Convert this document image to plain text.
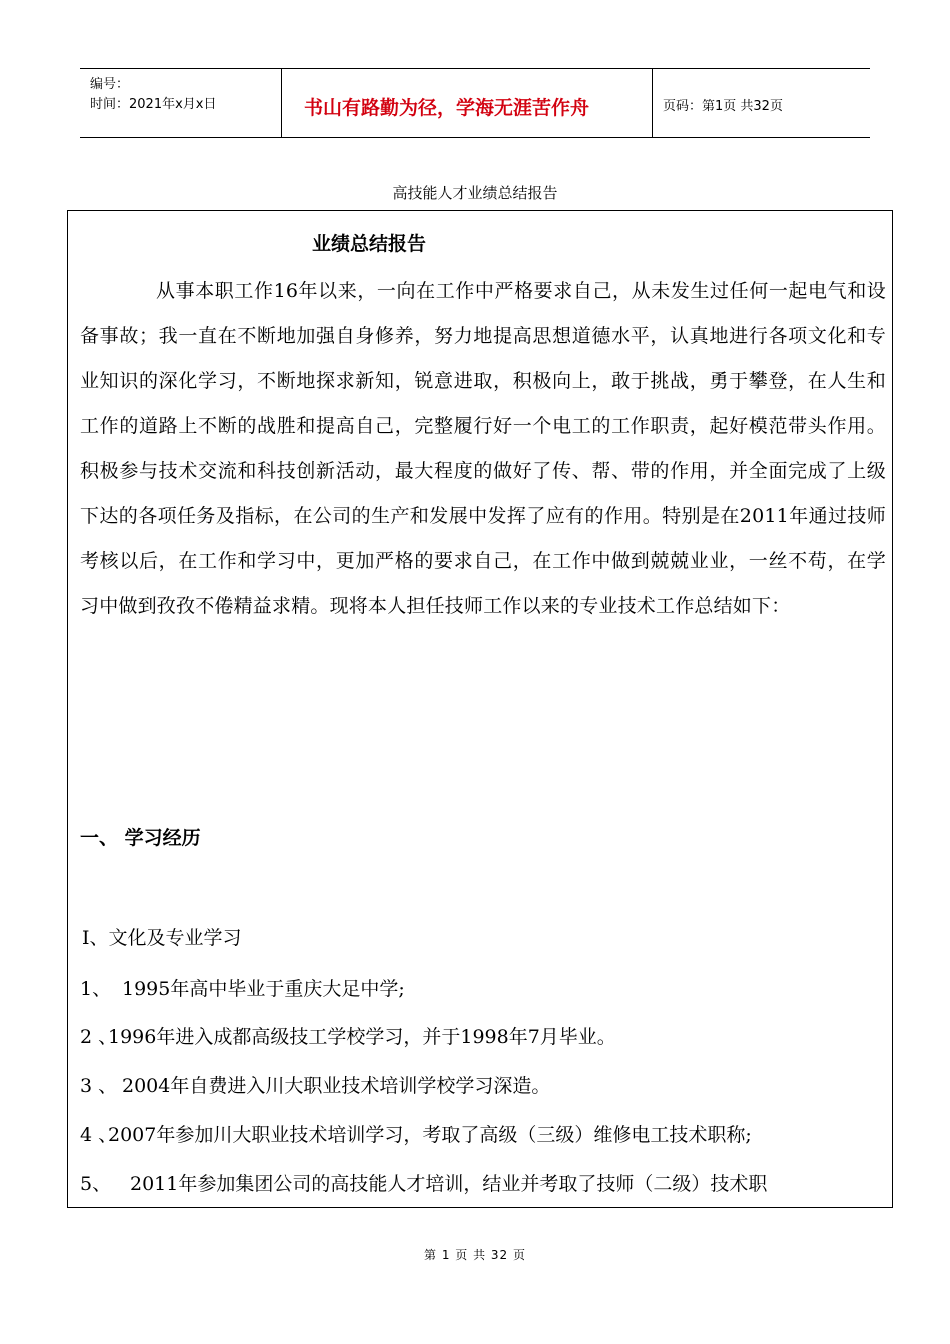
编号：
时间：2021年x月x日	书山有路勤为径，学海无涯苦作舟	页码：第1页 共32页
高技能人才业绩总结报告
业绩总结报告
从事本职工作16年以来，一向在工作中严格要求自己，从未发生过任何一起电气和设备事故；我一直在不断地加强自身修养，努力地提高思想道德水平，认真地进行各项文化和专业知识的深化学习，不断地探求新知，锐意进取，积极向上，敢于挑战，勇于攀登，在人生和工作的道路上不断的战胜和提高自己，完整履行好一个电工的工作职责，起好模范带头作用。积极参与技术交流和科技创新活动，最大程度的做好了传、帮、带的作用，并全面完成了上级下达的各项任务及指标，在公司的生产和发展中发挥了应有的作用。特别是在2011年通过技师考核以后，在工作和学习中，更加严格的要求自己，在工作中做到兢兢业业，一丝不苟，在学习中做到孜孜不倦精益求精。现将本人担任技师工作以来的专业技术工作总结如下：
一、 学习经历
Ⅰ、文化及专业学习
1、 1995年高中毕业于重庆大足中学;
2 、1996年进入成都高级技工学校学习，并于1998年7月毕业。
3 、 2004年自费进入川大职业技术培训学校学习深造。
4 、2007年参加川大职业技术培训学习，考取了高级（三级）维修电工技术职称;
5、 2011年参加集团公司的高技能人才培训，结业并考取了技师（二级）技术职
第 1 页 共 32 页
